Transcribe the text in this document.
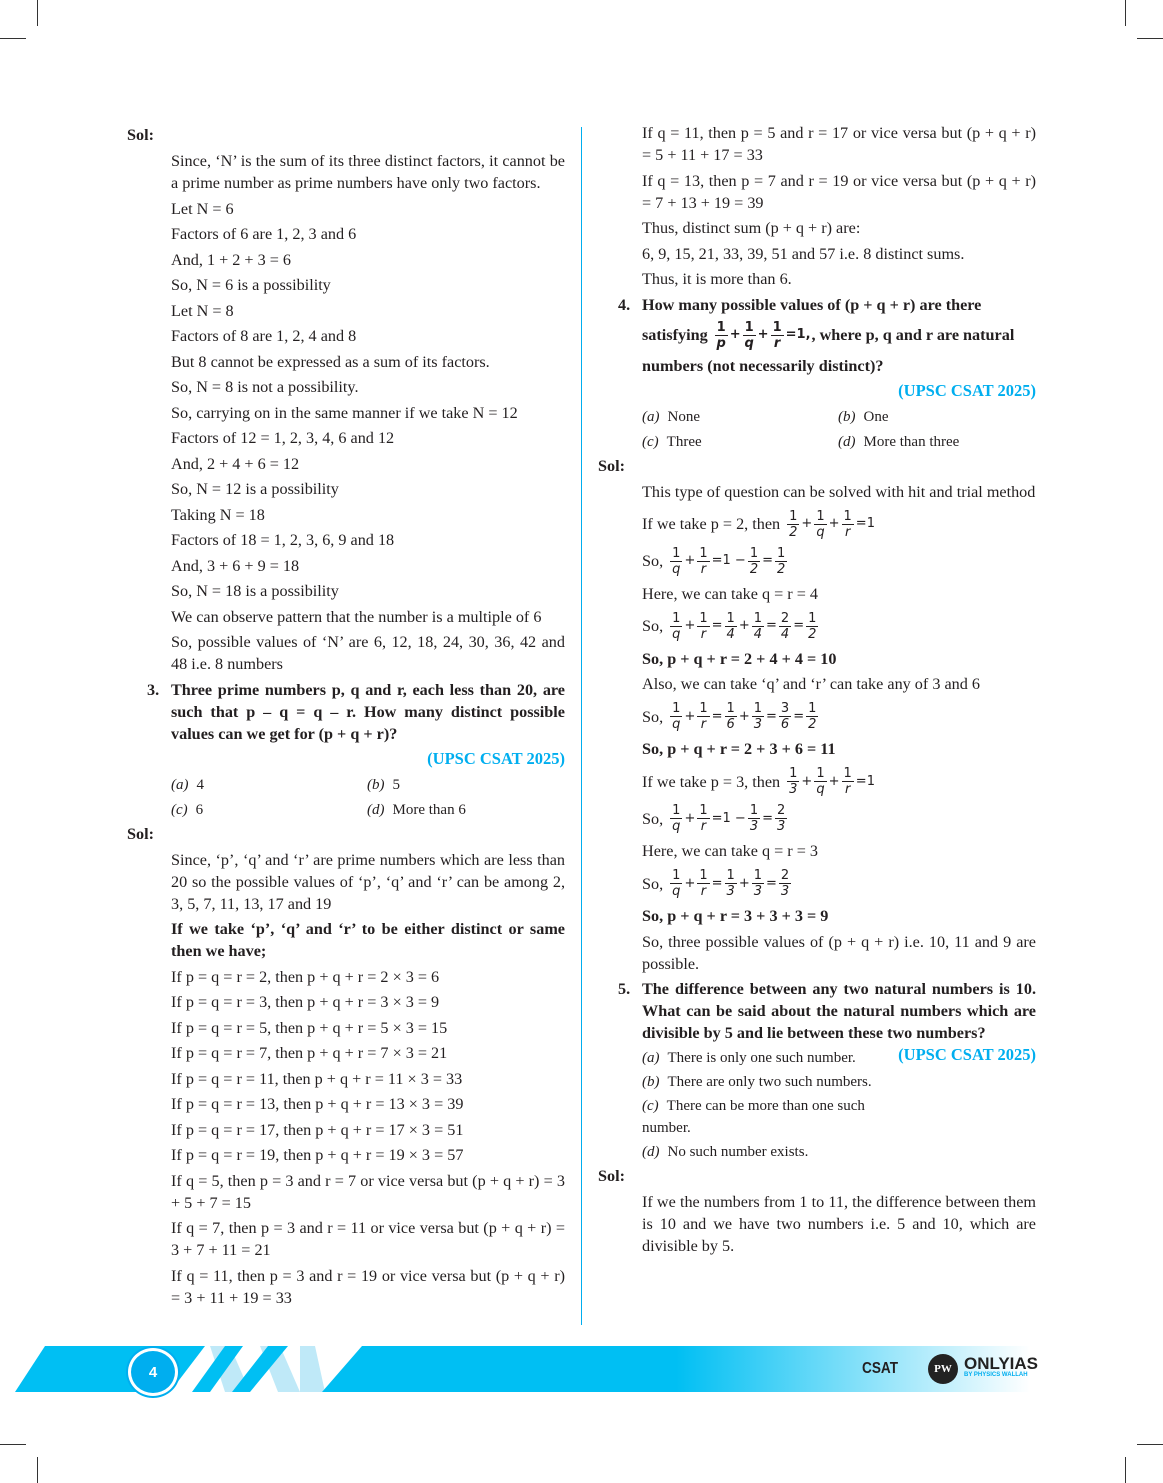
Sol:
Since, ‘N’ is the sum of its three distinct factors, it cannot be a prime number as prime numbers have only two factors.
Let N = 6
Factors of 6 are 1, 2, 3 and 6
And, 1 + 2 + 3 = 6
So, N = 6 is a possibility
Let N = 8
Factors of 8 are 1, 2, 4 and 8
But 8 cannot be expressed as a sum of its factors.
So, N = 8 is not a possibility.
So, carrying on in the same manner if we take N = 12
Factors of 12 = 1, 2, 3, 4, 6 and 12
And, 2 + 4 + 6 = 12
So, N = 12 is a possibility
Taking N = 18
Factors of 18 = 1, 2, 3, 6, 9 and 18
And, 3 + 6 + 9 = 18
So, N = 18 is a possibility
We can observe pattern that the number is a multiple of 6
So, possible values of ‘N’ are 6, 12, 18, 24, 30, 36, 42 and 48 i.e. 8 numbers
3. Three prime numbers p, q and r, each less than 20, are such that p – q = q – r. How many distinct possible values can we get for (p + q + r)?
(UPSC CSAT 2025)
(a) 4	(b) 5
(c) 6	(d) More than 6
Sol:
Since, ‘p’, ‘q’ and ‘r’ are prime numbers which are less than 20 so the possible values of ‘p’, ‘q’ and ‘r’ can be among 2, 3, 5, 7, 11, 13, 17 and 19
If we take ‘p’, ‘q’ and ‘r’ to be either distinct or same then we have;
If p = q = r = 2, then p + q + r = 2 × 3 = 6
If p = q = r = 3, then p + q + r = 3 × 3 = 9
If p = q = r = 5, then p + q + r = 5 × 3 = 15
If p = q = r = 7, then p + q + r = 7 × 3 = 21
If p = q = r = 11, then p + q + r = 11 × 3 = 33
If p = q = r = 13, then p + q + r = 13 × 3 = 39
If p = q = r = 17, then p + q + r = 17 × 3 = 51
If p = q = r = 19, then p + q + r = 19 × 3 = 57
If q = 5, then p = 3 and r = 7 or vice versa but (p + q + r) = 3 + 5 + 7 = 15
If q = 7, then p = 3 and r = 11 or vice versa but (p + q + r) = 3 + 7 + 11 = 21
If q = 11, then p = 3 and r = 19 or vice versa but (p + q + r) = 3 + 11 + 19 = 33
If q = 11, then p = 5 and r = 17 or vice versa but (p + q + r) = 5 + 11 + 17 = 33
If q = 13, then p = 7 and r = 19 or vice versa but (p + q + r) = 7 + 13 + 19 = 39
Thus, distinct sum (p + q + r) are:
6, 9, 15, 21, 33, 39, 51 and 57 i.e. 8 distinct sums.
Thus, it is more than 6.
4. How many possible values of (p + q + r) are there
satisfying $\frac{1}{p} + \frac{1}{q} + \frac{1}{r} =1$, , where p, q and r are natural
numbers (not necessarily distinct)?
(UPSC CSAT 2025)
(a) None	(b) One
(c) Three	(d) More than three
Sol:
This type of question can be solved with hit and trial method
If we take p = 2, then $\frac{1}{2} + \frac{1}{q} + \frac{1}{r} =1$
So, $\frac{1}{q} + \frac{1}{r} =1 - \frac{1}{2} = \frac{1}{2}$
Here, we can take q = r = 4
So, $\frac{1}{q} + \frac{1}{r} = \frac{1}{4} + \frac{1}{4} = \frac{2}{4} = \frac{1}{2}$
So, p + q + r = 2 + 4 + 4 = 10
Also, we can take ‘q’ and ‘r’ can take any of 3 and 6
So, $\frac{1}{q} + \frac{1}{r} = \frac{1}{6} + \frac{1}{3} = \frac{3}{6} = \frac{1}{2}$
So, p + q + r = 2 + 3 + 6 = 11
If we take p = 3, then $\frac{1}{3} + \frac{1}{q} + \frac{1}{r} =1$
So, $\frac{1}{q} + \frac{1}{r} =1 - \frac{1}{3} = \frac{2}{3}$
Here, we can take q = r = 3
So, $\frac{1}{q} + \frac{1}{r} = \frac{1}{3} + \frac{1}{3} = \frac{2}{3}$
So, p + q + r = 3 + 3 + 3 = 9
So, three possible values of (p + q + r) i.e. 10, 11 and 9 are possible.
5. The difference between any two natural numbers is 10. What can be said about the natural numbers which are divisible by 5 and lie between these two numbers?
(UPSC CSAT 2025)
(a) There is only one such number.
(b) There are only two such numbers.
(c) There can be more than one such number.
(d) No such number exists.
Sol:
If we the numbers from 1 to 11, the difference between them is 10 and we have two numbers i.e. 5 and 10, which are divisible by 5.
4	CSAT	PW ONLYIAS
BY PHYSICS WALLAH
